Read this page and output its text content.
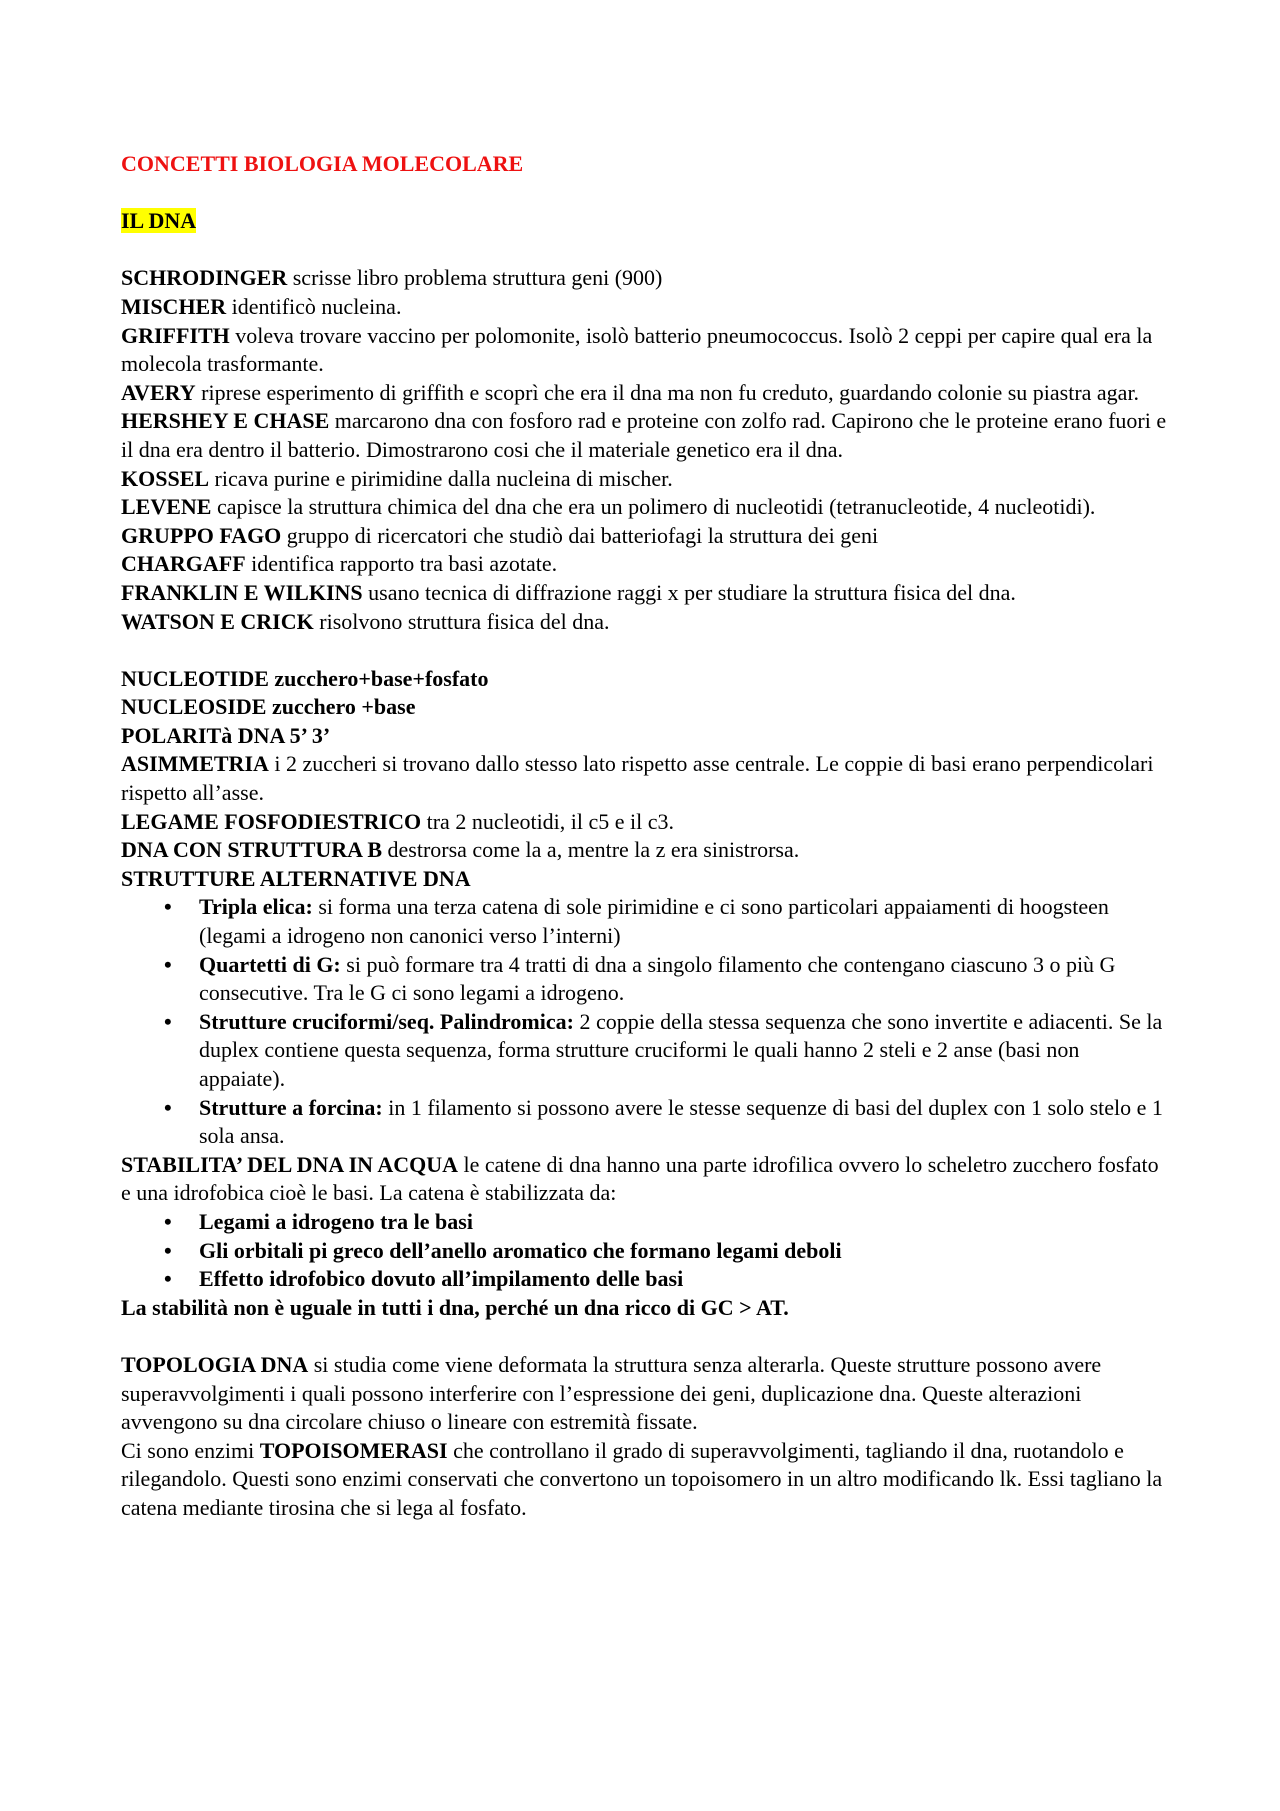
CONCETTI BIOLOGIA MOLECOLARE

IL DNA

SCHRODINGER scrisse libro problema struttura geni (900)

MISCHER identificò nucleina.

GRIFFITH voleva trovare vaccino per polomonite, isolò batterio pneumococcus. Isolò 2 ceppi per capire qual era la molecola trasformante.

AVERY riprese esperimento di griffith e scoprì che era il dna ma non fu creduto, guardando colonie su piastra agar.

HERSHEY E CHASE marcarono dna con fosforo rad e proteine con zolfo rad. Capirono che le proteine erano fuori e il dna era dentro il batterio. Dimostrarono cosi che il materiale genetico era il dna.

KOSSEL ricava purine e pirimidine dalla nucleina di mischer.

LEVENE capisce la struttura chimica del dna che era un polimero di nucleotidi (tetranucleotide, 4 nucleotidi).

GRUPPO FAGO gruppo di ricercatori che studiò dai batteriofagi la struttura dei geni

CHARGAFF identifica rapporto tra basi azotate.

FRANKLIN E WILKINS usano tecnica di diffrazione raggi x per studiare la struttura fisica del dna.

WATSON E CRICK risolvono struttura fisica del dna.

NUCLEOTIDE zucchero+base+fosfato

NUCLEOSIDE zucchero +base

POLARITà DNA 5’ 3’

ASIMMETRIA i 2 zuccheri si trovano dallo stesso lato rispetto asse centrale. Le coppie di basi erano perpendicolari rispetto all’asse.

LEGAME FOSFODIESTRICO tra 2 nucleotidi, il c5 e il c3.

DNA CON STRUTTURA B destrorsa come la a, mentre la z era sinistrorsa.

STRUTTURE ALTERNATIVE DNA

• Tripla elica: si forma una terza catena di sole pirimidine e ci sono particolari appaiamenti di hoogsteen (legami a idrogeno non canonici verso l’interni)
• Quartetti di G: si può formare tra 4 tratti di dna a singolo filamento che contengano ciascuno 3 o più G consecutive. Tra le G ci sono legami a idrogeno.
• Strutture cruciformi/seq. Palindromica: 2 coppie della stessa sequenza che sono invertite e adiacenti. Se la duplex contiene questa sequenza, forma strutture cruciformi le quali hanno 2 steli e 2 anse (basi non appaiate).
• Strutture a forcina: in 1 filamento si possono avere le stesse sequenze di basi del duplex con 1 solo stelo e 1 sola ansa.

STABILITA’ DEL DNA IN ACQUA le catene di dna hanno una parte idrofilica ovvero lo scheletro zucchero fosfato e una idrofobica cioè le basi. La catena è stabilizzata da:

• Legami a idrogeno tra le basi
• Gli orbitali pi greco dell’anello aromatico che formano legami deboli
• Effetto idrofobico dovuto all’impilamento delle basi

La stabilità non è uguale in tutti i dna, perché un dna ricco di GC > AT.

TOPOLOGIA DNA si studia come viene deformata la struttura senza alterarla. Queste strutture possono avere superavvolgimenti i quali possono interferire con l’espressione dei geni, duplicazione dna. Queste alterazioni avvengono su dna circolare chiuso o lineare con estremità fissate.

Ci sono enzimi TOPOISOMERASI che controllano il grado di superavvolgimenti, tagliando il dna, ruotandolo e rilegandolo. Questi sono enzimi conservati che convertono un topoisomero in un altro modificando lk. Essi tagliano la catena mediante tirosina che si lega al fosfato.
